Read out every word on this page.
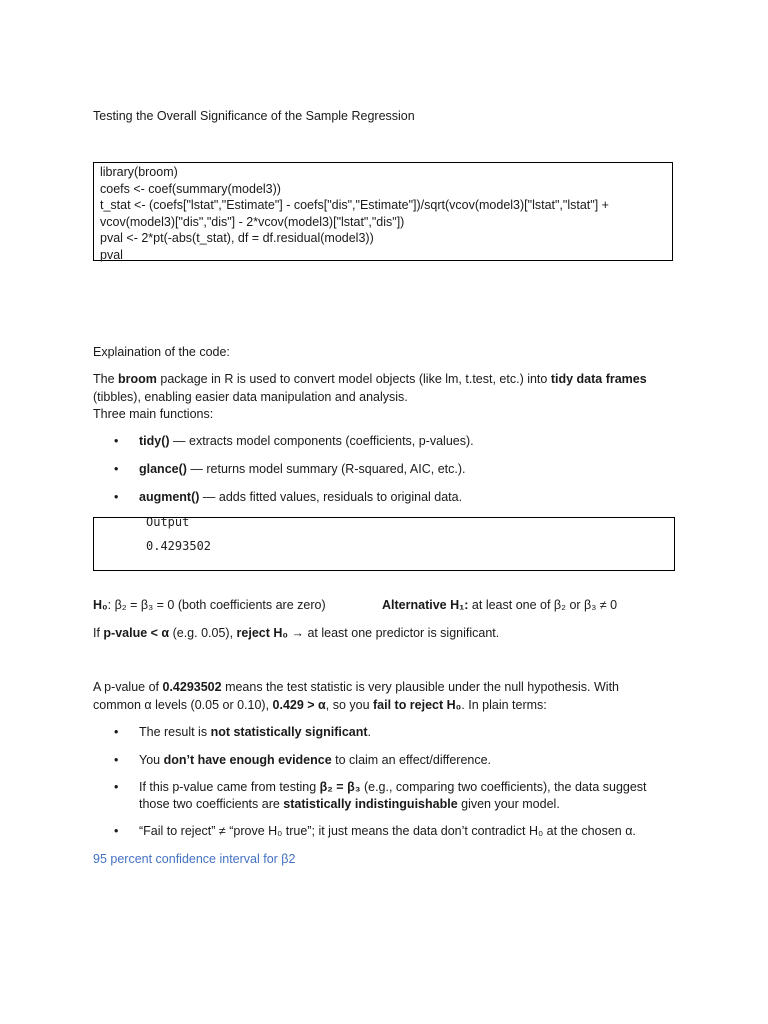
Testing the Overall Significance of the Sample Regression
library(broom)
coefs <- coef(summary(model3))
t_stat <- (coefs["lstat","Estimate"] - coefs["dis","Estimate"])/sqrt(vcov(model3)["lstat","lstat"] +
vcov(model3)["dis","dis"] - 2*vcov(model3)["lstat","dis"])
pval <- 2*pt(-abs(t_stat), df = df.residual(model3))
pval
Explaination of the code:
The broom package in R is used to convert model objects (like lm, t.test, etc.) into tidy data frames
(tibbles), enabling easier data manipulation and analysis.
Three main functions:
• tidy() — extracts model components (coefficients, p-values).
• glance() — returns model summary (R-squared, AIC, etc.).
• augment() — adds fitted values, residuals to original data.
Output
0.4293502
H₀: β₂ = β₃ = 0 (both coefficients are zero)	Alternative H₁: at least one of β₂ or β₃ ≠ 0
If p-value < α (e.g. 0.05), reject H₀ → at least one predictor is significant.
A p-value of 0.4293502 means the test statistic is very plausible under the null hypothesis. With
common α levels (0.05 or 0.10), 0.429 > α, so you fail to reject H₀. In plain terms:
• The result is not statistically significant.
• You don’t have enough evidence to claim an effect/difference.
• If this p-value came from testing β₂ = β₃ (e.g., comparing two coefficients), the data suggest
those two coefficients are statistically indistinguishable given your model.
• “Fail to reject” ≠ “prove H₀ true”; it just means the data don’t contradict H₀ at the chosen α.
95 percent confidence interval for β2
